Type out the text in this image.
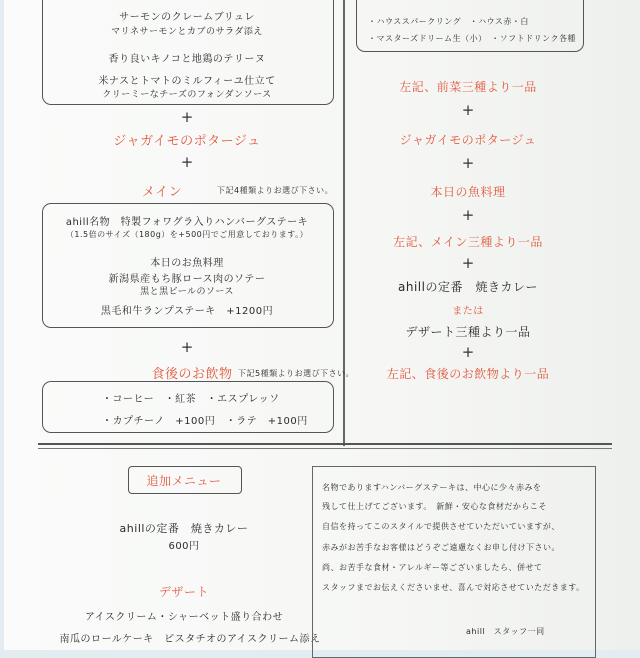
サーモンのクレームブリュレ
マリネサーモンとカブのサラダ添え
香り良いキノコと地鶏のテリーヌ
米ナスとトマトのミルフィーユ仕立て
クリーミーなチーズのフォンダンソース
+
ジャガイモのポタージュ
+
メイン	下記4種類よりお選び下さい。
ahill名物　特製フォワグラ入りハンバーグステーキ
（1.5倍のサイズ（180g）を+500円でご用意しております。）
本日のお魚料理
新潟県産もち豚ロース肉のソテー
黒と黒ビールのソース
黒毛和牛ランプステーキ　+1200円
+
食後のお飲物 下記5種類よりお選び下さい。
・コーヒー　・紅茶　・エスプレッソ
・カプチーノ　+100円　・ラテ　+100円
・ハウススパークリング　・ハウス赤・白
・マスターズドリーム生（小）　・ソフトドリンク各種
左記、前菜三種より一品
+
ジャガイモのポタージュ
+
本日の魚料理
+
左記、メイン三種より一品
+
ahillの定番　焼きカレー
または
デザート三種より一品
+
左記、食後のお飲物より一品
追加メニュー
ahillの定番　焼きカレー
600円
デザート
アイスクリーム・シャーベット盛り合わせ
南瓜のロールケーキ　ピスタチオのアイスクリーム添え
名物でありますハンバーグステーキは、中心に少々赤みを
残して仕上げてございます。　新鮮・安心な食材だからこそ
自信を持ってこのスタイルで提供させていただいていますが、
赤みがお苦手なお客様はどうぞご遠慮なくお申し付け下さい。
尚、お苦手な食材・アレルギー等ございましたら、併せて
スタッフまでお伝えくださいませ、喜んで対応させていただきます。
ahill　スタッフ一同
